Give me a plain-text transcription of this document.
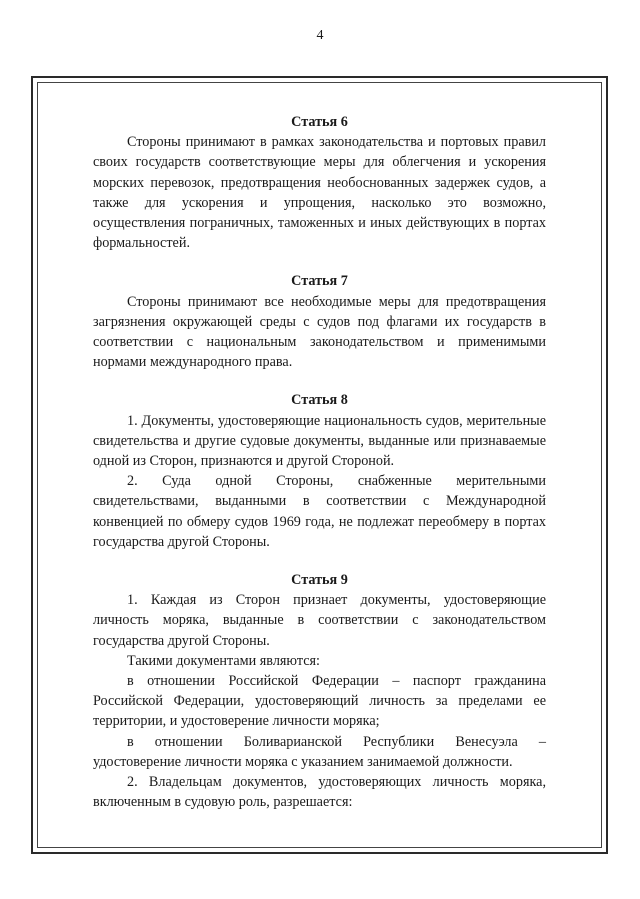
4

Статья 6

Стороны принимают в рамках законодательства и портовых правил своих государств соответствующие меры для облегчения и ускорения морских перевозок, предотвращения необоснованных задержек судов, а также для ускорения и упрощения, насколько это возможно, осуществления пограничных, таможенных и иных действующих в портах формальностей.

Статья 7

Стороны принимают все необходимые меры для предотвращения загрязнения окружающей среды с судов под флагами их государств в соответствии с национальным законодательством и применимыми нормами международного права.

Статья 8

1. Документы, удостоверяющие национальность судов, мерительные свидетельства и другие судовые документы, выданные или признаваемые одной из Сторон, признаются и другой Стороной.

2. Суда одной Стороны, снабженные мерительными свидетельствами, выданными в соответствии с Международной конвенцией по обмеру судов 1969 года, не подлежат переобмеру в портах государства другой Стороны.

Статья 9

1. Каждая из Сторон признает документы, удостоверяющие личность моряка, выданные в соответствии с законодательством государства другой Стороны.

Такими документами являются:

в отношении Российской Федерации – паспорт гражданина Российской Федерации, удостоверяющий личность за пределами ее территории, и удостоверение личности моряка;

в отношении Боливарианской Республики Венесуэла – удостоверение личности моряка с указанием занимаемой должности.

2. Владельцам документов, удостоверяющих личность моряка, включенным в судовую роль, разрешается:
